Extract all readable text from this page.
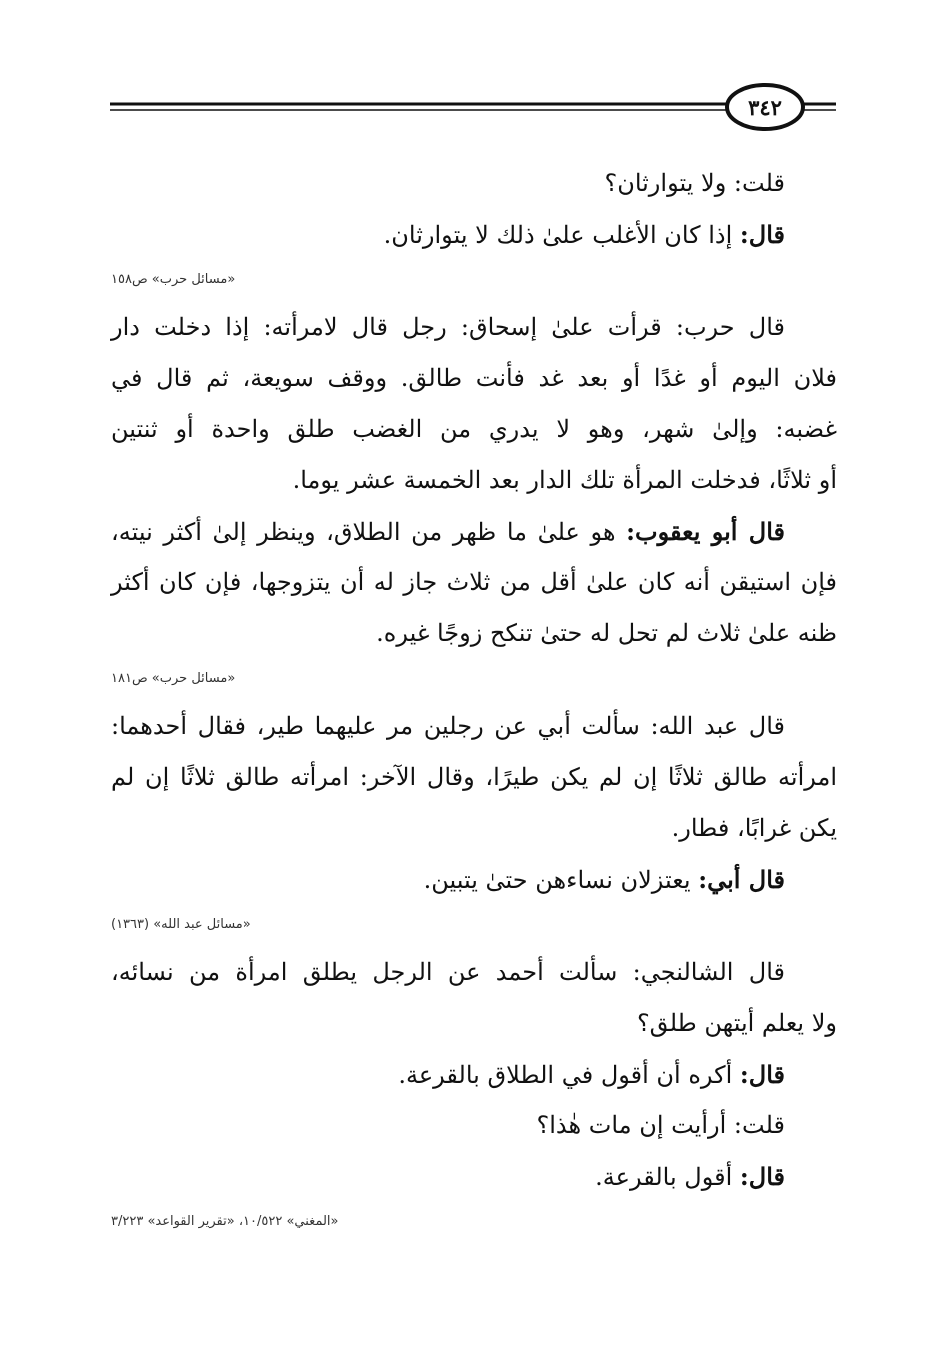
٣٤٢
قلت: ولا يتوارثان؟
قال: إذا كان الأغلب علىٰ ذلك لا يتوارثان.
«مسائل حرب» ص١٥٨
قال حرب: قرأت علىٰ إسحاق: رجل قال لامرأته: إذا دخلت دار
فلان اليوم أو غدًا أو بعد غد فأنت طالق. ووقف سويعة، ثم قال في
غضبه: وإلىٰ شهر، وهو لا يدري من الغضب طلق واحدة أو ثنتين
أو ثلاثًا، فدخلت المرأة تلك الدار بعد الخمسة عشر يوما.
قال أبو يعقوب: هو علىٰ ما ظهر من الطلاق، وينظر إلىٰ أكثر نيته،
فإن استيقن أنه كان علىٰ أقل من ثلاث جاز له أن يتزوجها، فإن كان أكثر
ظنه علىٰ ثلاث لم تحل له حتىٰ تنكح زوجًا غيره.
«مسائل حرب» ص١٨١
قال عبد الله: سألت أبي عن رجلين مر عليهما طير، فقال أحدهما:
امرأته طالق ثلاثًا إن لم يكن طيرًا، وقال الآخر: امرأته طالق ثلاثًا إن لم
يكن غرابًا، فطار.
قال أبي: يعتزلان نساءهن حتىٰ يتبين.
«مسائل عبد الله» (١٣٦٣)
قال الشالنجي: سألت أحمد عن الرجل يطلق امرأة من نسائه،
ولا يعلم أيتهن طلق؟
قال: أكره أن أقول في الطلاق بالقرعة.
قلت: أرأيت إن مات هٰذا؟
قال: أقول بالقرعة.
«المغني» ١٠/٥٢٢، «تقرير القواعد» ٣/٢٢٣
